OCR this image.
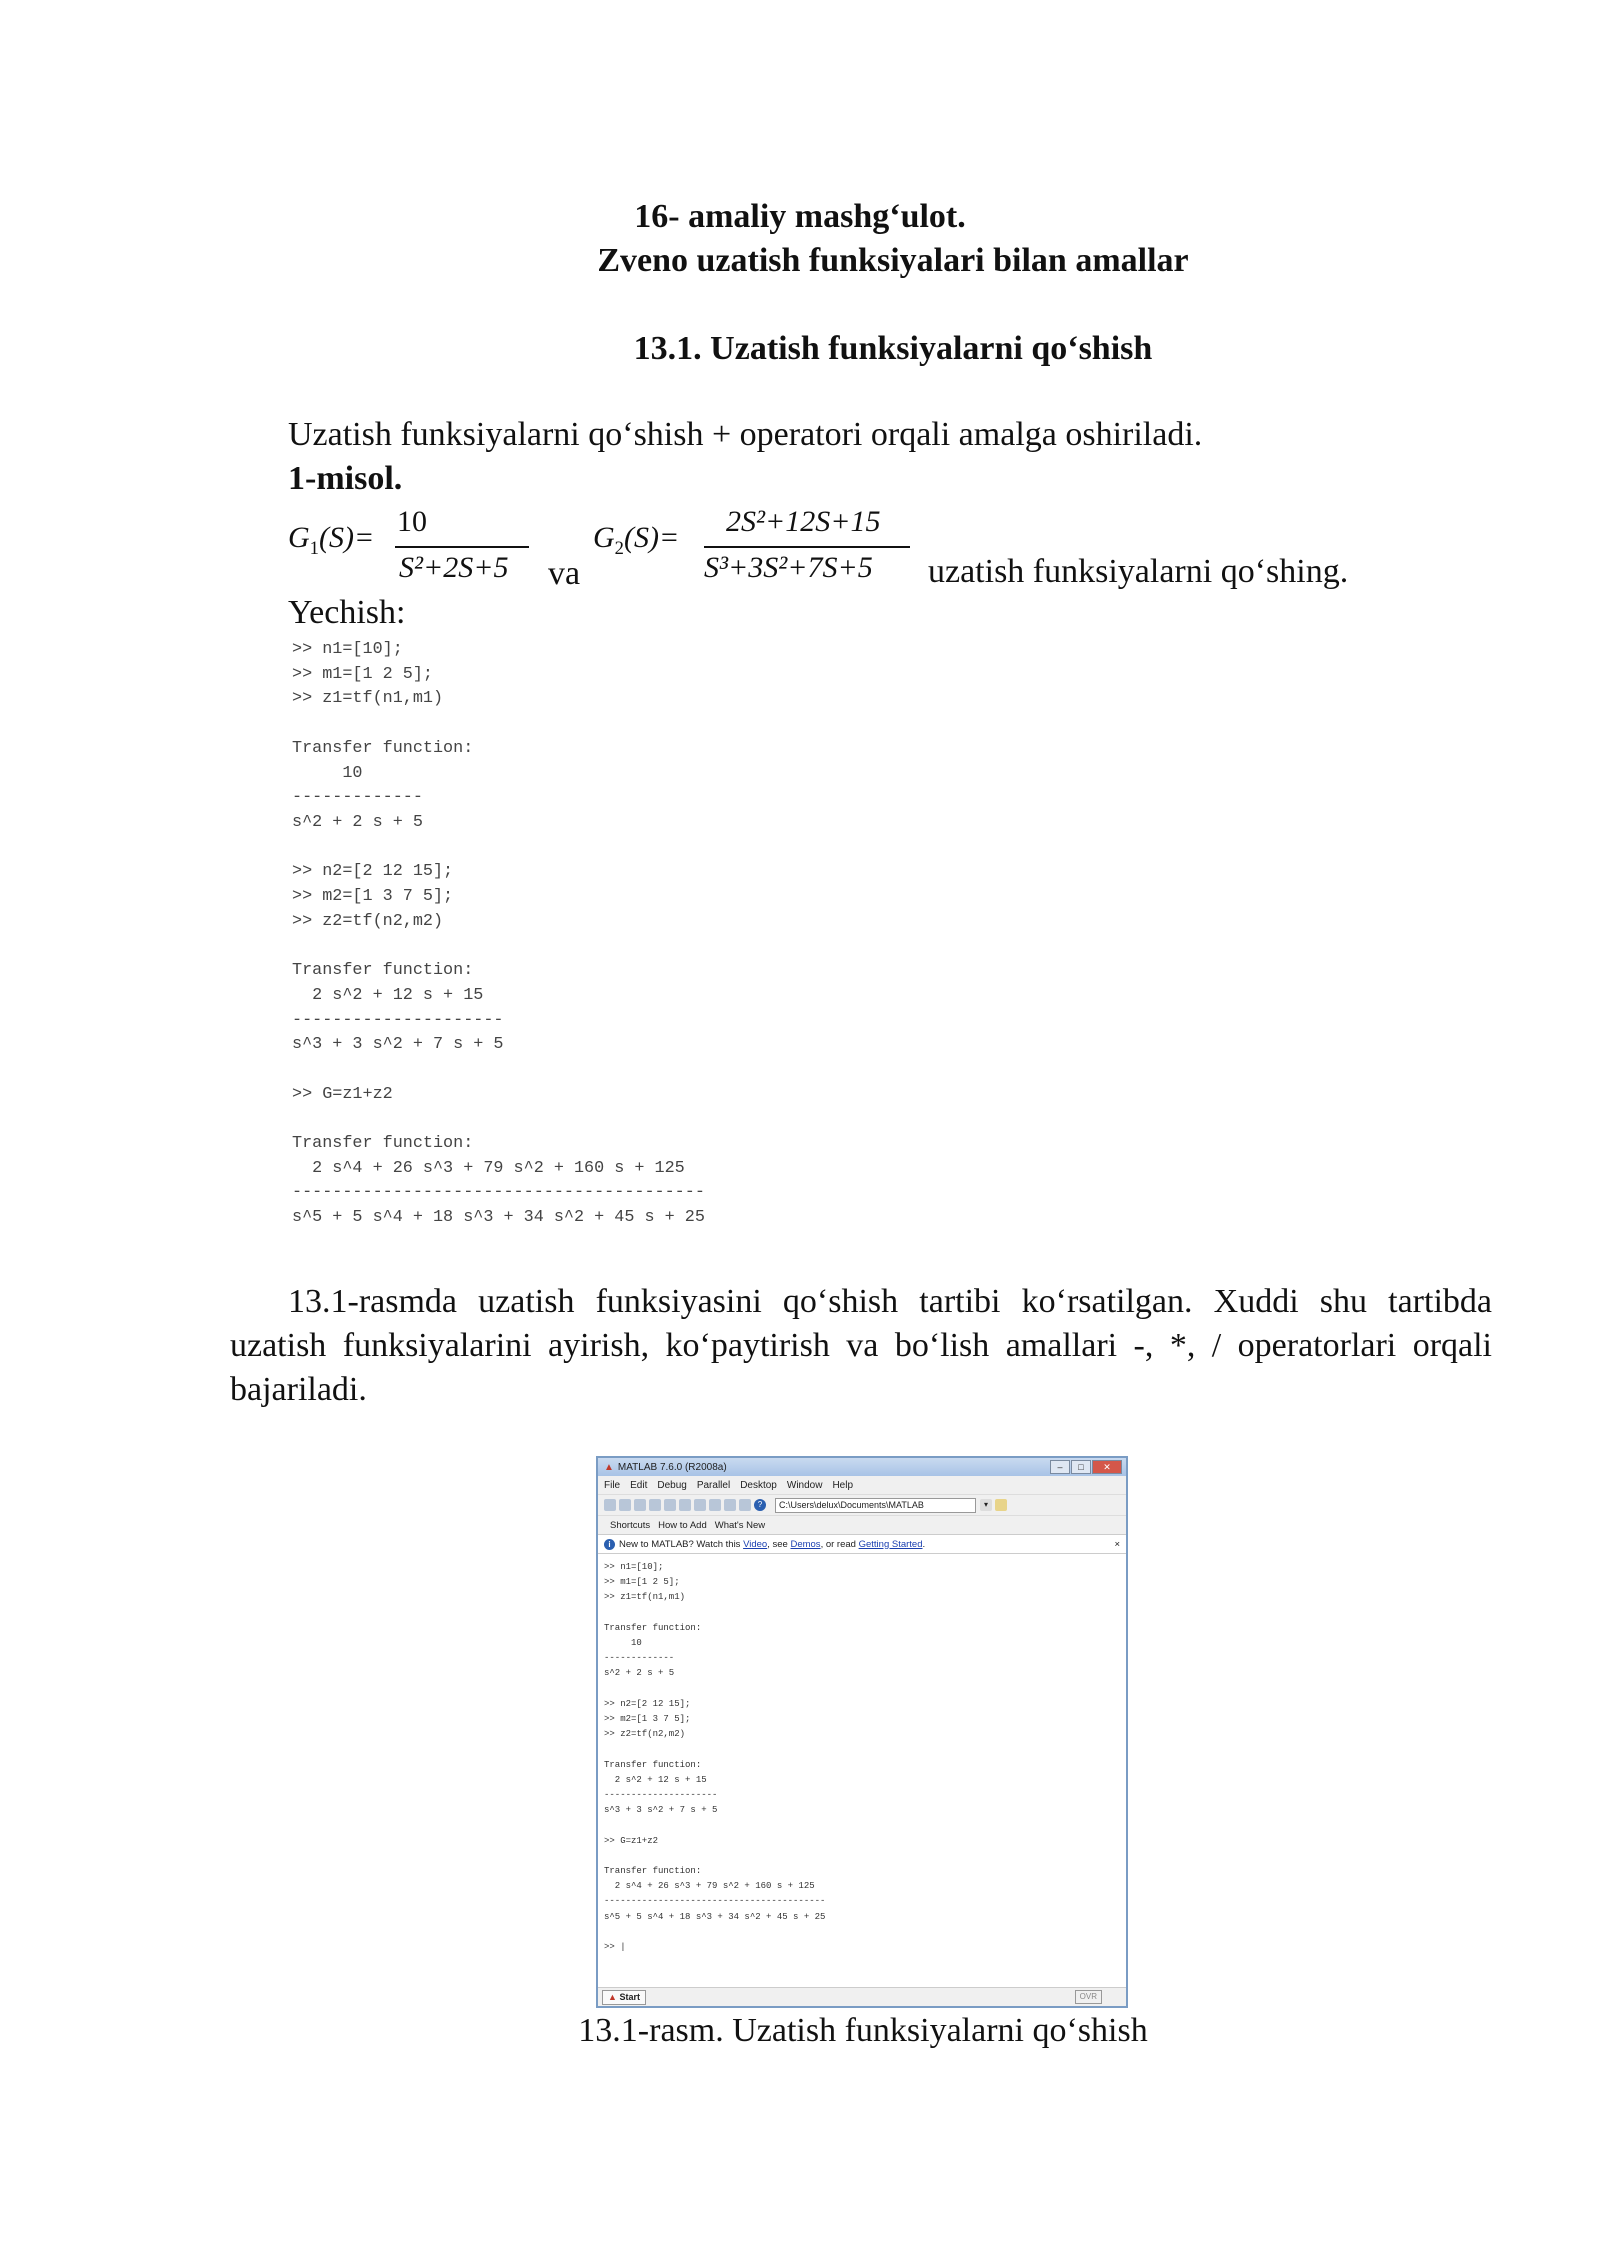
16- amaliy mashg‘ulot.
Zveno uzatish funksiyalari bilan amallar
13.1. Uzatish funksiyalarni qo‘shish
Uzatish funksiyalarni qo‘shish + operatori orqali amalga oshiriladi.
1-misol.
$G_1(S)= 10$
S²+2S+5 va
$G_2(S)= 2S^2+12S+15$
S³+3S²+7S+5 uzatish funksiyalarni qo‘shing.
Yechish:
>> n1=[10];
>> m1=[1 2 5];
>> z1=tf(n1,m1)

Transfer function:
10
-------------
s^2 + 2 s + 5

>> n2=[2 12 15];
>> m2=[1 3 7 5];
>> z2=tf(n2,m2)

Transfer function:
2 s^2 + 12 s + 15
---------------------
s^3 + 3 s^2 + 7 s + 5

>> G=z1+z2

Transfer function:
2 s^4 + 26 s^3 + 79 s^2 + 160 s + 125
-----------------------------------------
s^5 + 5 s^4 + 18 s^3 + 34 s^2 + 45 s + 25
13.1-rasmda uzatish funksiyasini qo‘shish tartibi ko‘rsatilgan. Xuddi shu tartibda uzatish funksiyalarini ayirish, ko‘paytirish va bo‘lish amallari -, *, / operatorlari orqali bajariladi.
▲ MATLAB 7.6.0 (R2008a)	–	□	✕
File Edit Debug Parallel Desktop Window Help
?	C:\Users\delux\Documents\MATLAB	▾
Shortcuts How to Add What's New
i New to MATLAB? Watch this Video, see Demos, or read Getting Started.	×
>> n1=[10];
>> m1=[1 2 5];
>> z1=tf(n1,m1)

Transfer function:
10
-------------
s^2 + 2 s + 5

>> n2=[2 12 15];
>> m2=[1 3 7 5];
>> z2=tf(n2,m2)

Transfer function:
2 s^2 + 12 s + 15
---------------------
s^3 + 3 s^2 + 7 s + 5

>> G=z1+z2

Transfer function:
2 s^4 + 26 s^3 + 79 s^2 + 160 s + 125
-----------------------------------------
s^5 + 5 s^4 + 18 s^3 + 34 s^2 + 45 s + 25

>> |
▲ Start	OVR
13.1-rasm. Uzatish funksiyalarni qo‘shish
